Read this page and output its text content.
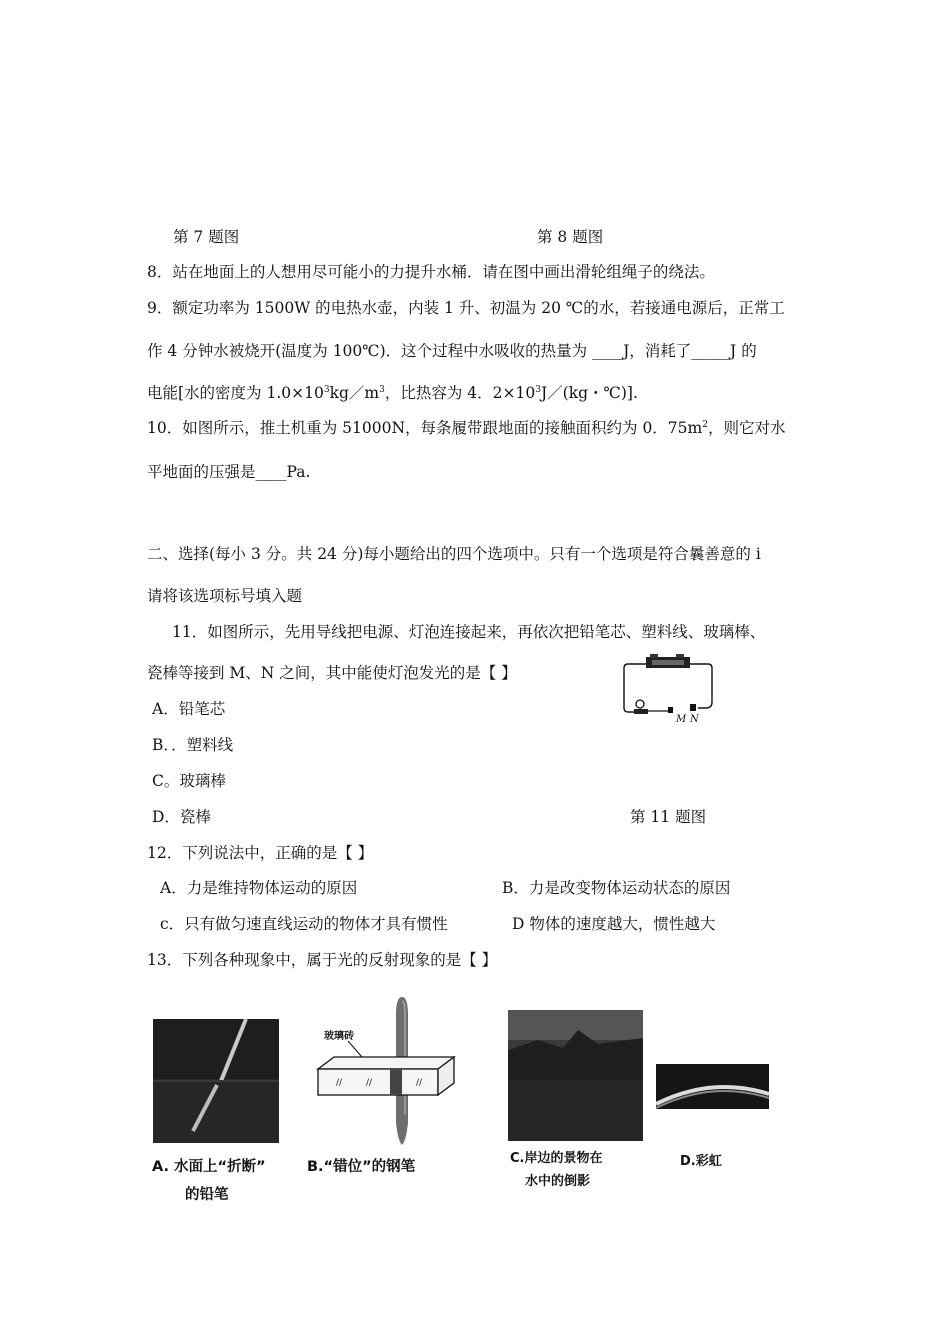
第 7 题图	第 8 题图
8．站在地面上的人想用尽可能小的力提升水桶．请在图中画出滑轮组绳子的绕法。
9．额定功率为 1500W 的电热水壶，内装 1 升、初温为 20 ℃的水，若接通电源后，正常工
作 4 分钟水被烧开(温度为 100℃)．这个过程中水吸收的热量为 ____J，消耗了_____J 的
电能[水的密度为 $1.0\times 10^3kg/m^3$，比热容为 4．$2\times 10^3J/(kg$・℃)].
10．如图所示，推土机重为 51000N，每条履带跟地面的接触面积约为 0．$75m^2$，则它对水
平地面的压强是____Pa.
二、选择(每小 3 分。共 24 分)每小题给出的四个选项中。只有一个选项是符合曩善意的 i
请将该选项标号填入题
11．如图所示，先用导线把电源、灯泡连接起来，再依次把铅笔芯、塑料线、玻璃棒、
瓷棒等接到 M、N 之间，其中能使灯泡发光的是【 】
A．铅笔芯
B．．塑料线
C。玻璃棒
D．瓷棒	第 11 题图
M N
12．下列说法中，正确的是【 】
A．力是维持物体运动的原因	B．力是改变物体运动状态的原因
c．只有做匀速直线运动的物体才具有惯性	D 物体的速度越大，惯性越大
13．下列各种现象中，属于光的反射现象的是【 】
A. 水面上“折断”
的铅笔
//	//	//
玻璃砖
B.“错位”的钢笔
C.岸边的景物在
水中的倒影
D.彩虹
